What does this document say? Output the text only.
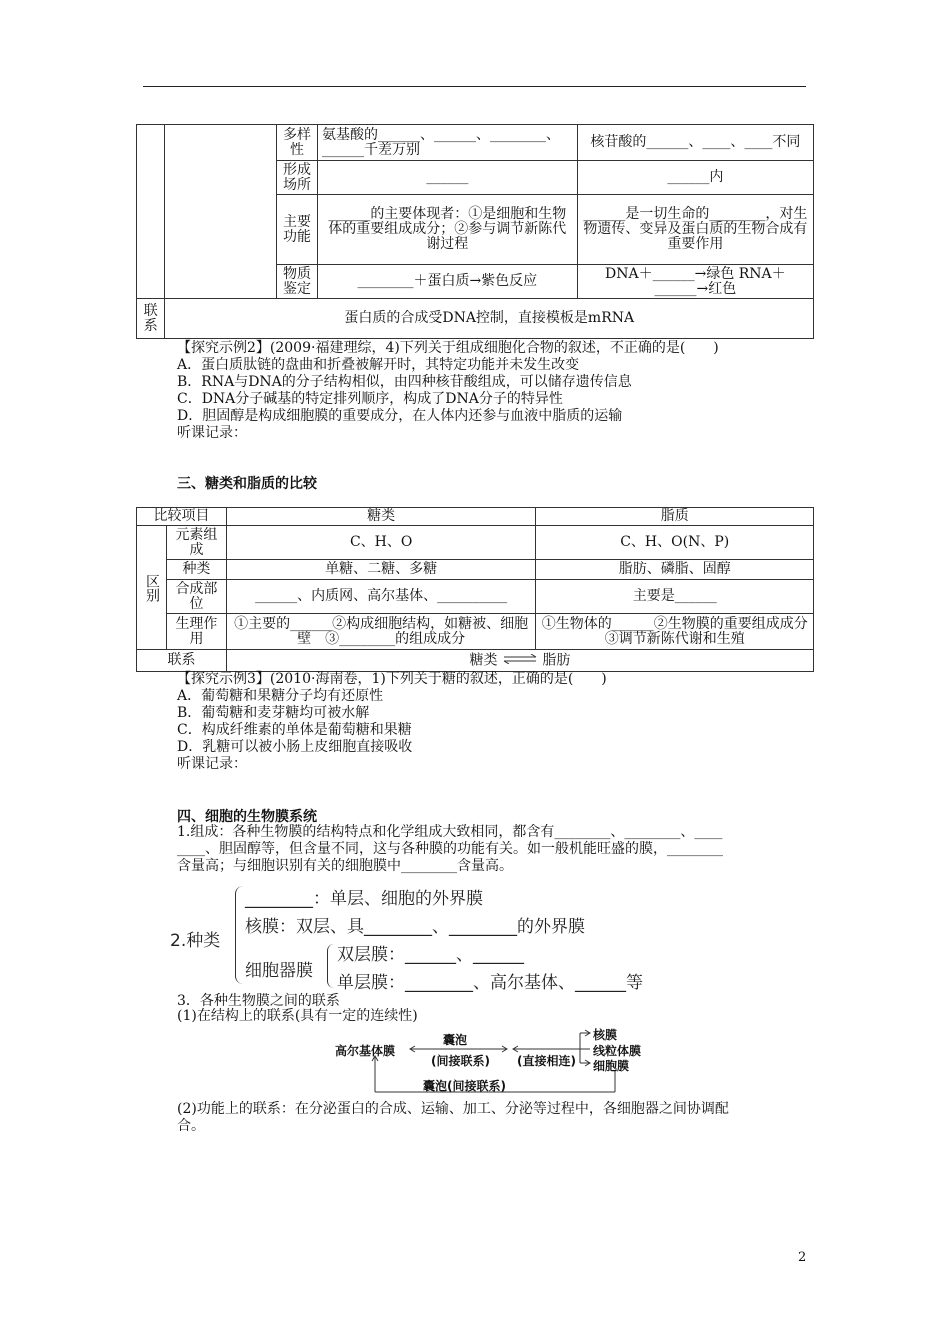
		多样性	氨基酸的______、______、________、______千差万别	核苷酸的______、____、____不同
		形成场所	______	______内
		主要功能	______的主要体现者：①是细胞和生物体的重要组成成分；②参与调节新陈代谢过程	______是一切生命的________，对生物遗传、变异及蛋白质的生物合成有重要作用
		物质鉴定	________＋蛋白质→紫色反应	DNA＋______→绿色 RNA＋______→红色
联系	蛋白质的合成受DNA控制，直接模板是mRNA			
【探究示例2】(2009·福建理综，4)下列关于组成细胞化合物的叙述，不正确的是(　　)
A．蛋白质肽链的盘曲和折叠被解开时，其特定功能并未发生改变
B．RNA与DNA的分子结构相似，由四种核苷酸组成，可以储存遗传信息
C．DNA分子碱基的特定排列顺序，构成了DNA分子的特异性
D．胆固醇是构成细胞膜的重要成分，在人体内还参与血液中脂质的运输
听课记录：
三、糖类和脂质的比较
比较项目		糖类	脂质
区别	元素组成	C、H、O	C、H、O(N、P)
	种类	单糖、二糖、多糖	脂肪、磷脂、固醇
	合成部位	______、内质网、高尔基体、__________	主要是______
	生理作用	①主要的______②构成细胞结构，如糖被、细胞壁　③________的组成成分	①生物体的______②生物膜的重要组成成分　③调节新陈代谢和生殖
联系		糖类 脂肪	
【探究示例3】(2010·海南卷，1)下列关于糖的叙述，正确的是(　　)
A．葡萄糖和果糖分子均有还原性
B．葡萄糖和麦芽糖均可被水解
C．构成纤维素的单体是葡萄糖和果糖
D．乳糖可以被小肠上皮细胞直接吸收
听课记录：
四、细胞的生物膜系统
1.组成：各种生物膜的结构特点和化学组成大致相同，都含有________、________、____
____、胆固醇等，但含量不同，这与各种膜的功能有关。如一般机能旺盛的膜，________
含量高；与细胞识别有关的细胞膜中________含量高。
2.种类
________：单层、细胞的外界膜
核膜：双层、具________、________的外界膜
细胞器膜
双层膜：______、______
单层膜：________、高尔基体、______等
3．各种生物膜之间的联系
(1)在结构上的联系(具有一定的连续性)
高尔基体膜
囊泡
(间接联系) (直接相连)
核膜
线粒体膜
细胞膜
囊泡(间接联系)
(2)功能上的联系：在分泌蛋白的合成、运输、加工、分泌等过程中，各细胞器之间协调配
合。
2
